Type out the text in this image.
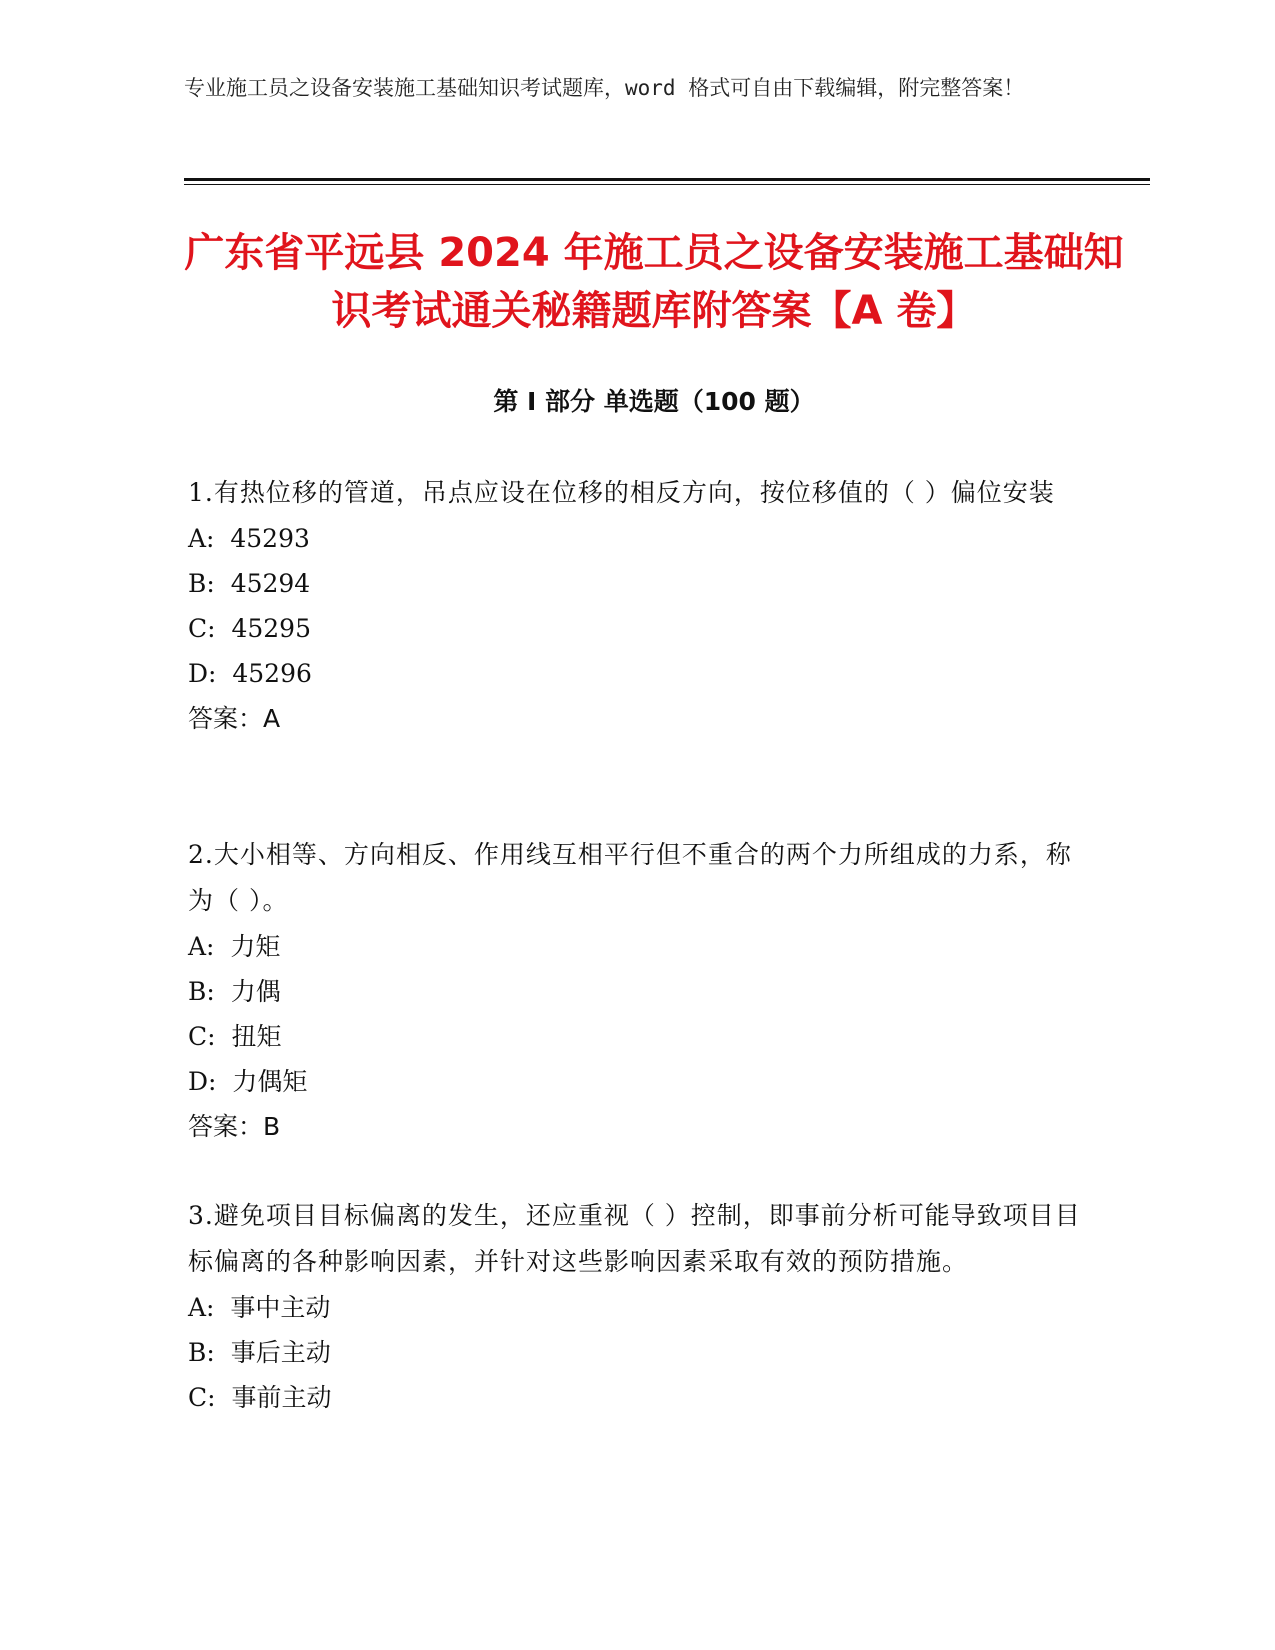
专业施工员之设备安装施工基础知识考试题库，word 格式可自由下载编辑，附完整答案！
广东省平远县 2024 年施工员之设备安装施工基础知识考试通关秘籍题库附答案【A 卷】
第 I 部分 单选题（100 题）

1.有热位移的管道，吊点应设在位移的相反方向，按位移值的（ ）偏位安装

A:  45293

B:  45294

C:  45295

D:  45296

答案：A

2.大小相等、方向相反、作用线互相平行但不重合的两个力所组成的力系，称为（ ）。

A:  力矩

B:  力偶

C:  扭矩

D:  力偶矩

答案：B

3.避免项目目标偏离的发生，还应重视（ ）控制，即事前分析可能导致项目目标偏离的各种影响因素，并针对这些影响因素采取有效的预防措施。

A:  事中主动

B:  事后主动

C:  事前主动
